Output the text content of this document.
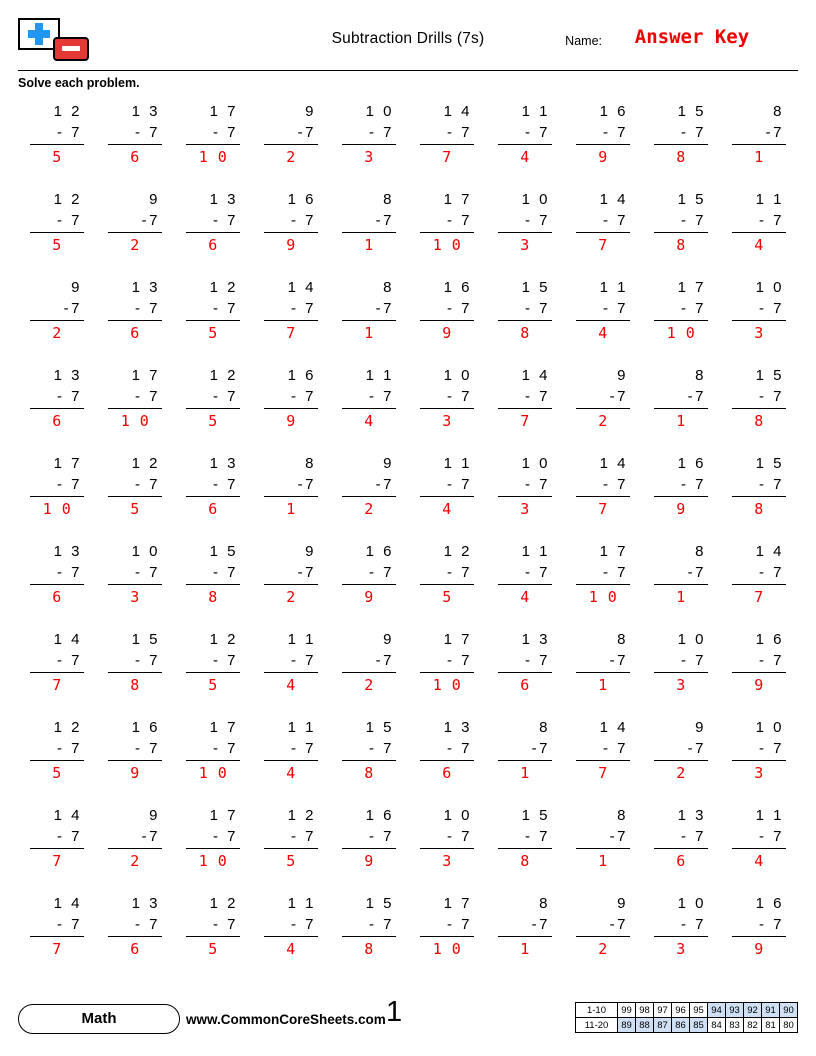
Subtraction Drills (7s)	Name:	Answer Key
Solve each problem.
1 2
- 7
5
1 3
- 7
6
1 7
- 7
1 0
9
-7
2
1 0
- 7
3
1 4
- 7
7
1 1
- 7
4
1 6
- 7
9
1 5
- 7
8
8
-7
1
1 2
- 7
5
9
-7
2
1 3
- 7
6
1 6
- 7
9
8
-7
1
1 7
- 7
1 0
1 0
- 7
3
1 4
- 7
7
1 5
- 7
8
1 1
- 7
4
9
-7
2
1 3
- 7
6
1 2
- 7
5
1 4
- 7
7
8
-7
1
1 6
- 7
9
1 5
- 7
8
1 1
- 7
4
1 7
- 7
1 0
1 0
- 7
3
1 3
- 7
6
1 7
- 7
1 0
1 2
- 7
5
1 6
- 7
9
1 1
- 7
4
1 0
- 7
3
1 4
- 7
7
9
-7
2
8
-7
1
1 5
- 7
8
1 7
- 7
1 0
1 2
- 7
5
1 3
- 7
6
8
-7
1
9
-7
2
1 1
- 7
4
1 0
- 7
3
1 4
- 7
7
1 6
- 7
9
1 5
- 7
8
1 3
- 7
6
1 0
- 7
3
1 5
- 7
8
9
-7
2
1 6
- 7
9
1 2
- 7
5
1 1
- 7
4
1 7
- 7
1 0
8
-7
1
1 4
- 7
7
1 4
- 7
7
1 5
- 7
8
1 2
- 7
5
1 1
- 7
4
9
-7
2
1 7
- 7
1 0
1 3
- 7
6
8
-7
1
1 0
- 7
3
1 6
- 7
9
1 2
- 7
5
1 6
- 7
9
1 7
- 7
1 0
1 1
- 7
4
1 5
- 7
8
1 3
- 7
6
8
-7
1
1 4
- 7
7
9
-7
2
1 0
- 7
3
1 4
- 7
7
9
-7
2
1 7
- 7
1 0
1 2
- 7
5
1 6
- 7
9
1 0
- 7
3
1 5
- 7
8
8
-7
1
1 3
- 7
6
1 1
- 7
4
1 4
- 7
7
1 3
- 7
6
1 2
- 7
5
1 1
- 7
4
1 5
- 7
8
1 7
- 7
1 0
8
-7
1
9
-7
2
1 0
- 7
3
1 6
- 7
9
Math	www.CommonCoreSheets.com 1	1-10	99	98	97	96	95	94	93	92	91	90
11-20	89	88	87	86	85	84	83	82	81	80
